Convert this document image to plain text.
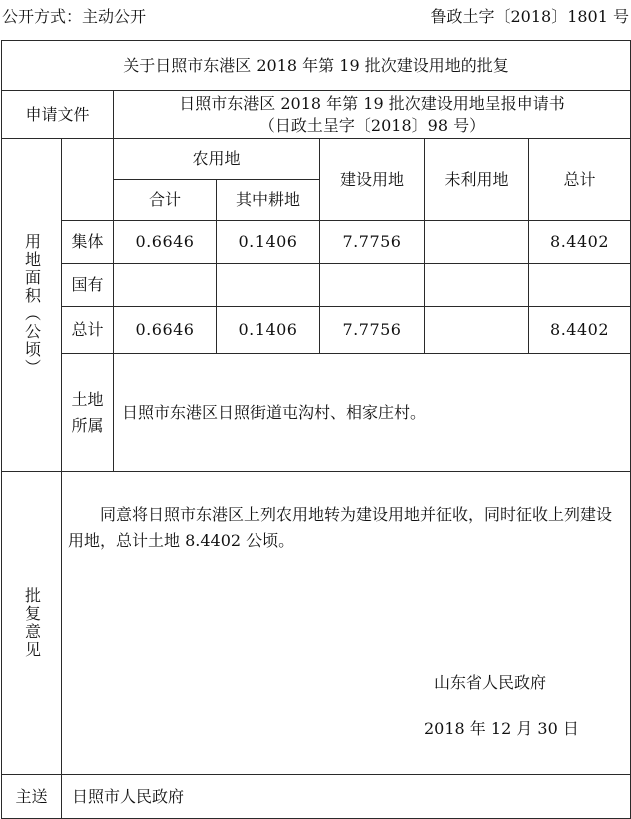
公开方式：主动公开	鲁政土字〔2018〕1801 号
关于日照市东港区 2018 年第 19 批次建设用地的批复						
申请文件		日照市东港区 2018 年第 19 批次建设用地呈报申请书
（日政土呈字〔2018〕98 号）				

用地面积（公顷）		农用地		建设用地	未利用地	总计
		合计	其中耕地			
	集体	0.6646	0.1406	7.7756		8.4402
	国有					
	总计	0.6646	0.1406	7.7756		8.4402

	土地所属	日照市东港区日照街道屯沟村、相家庄村。				

批复意见	同意将日照市东港区上列农用地转为建设用地并征收，同时征收上列建设用地，总计土地 8.4402 公顷。
山东省人民政府
2018 年 12 月 30 日					

主送	日照市人民政府					
